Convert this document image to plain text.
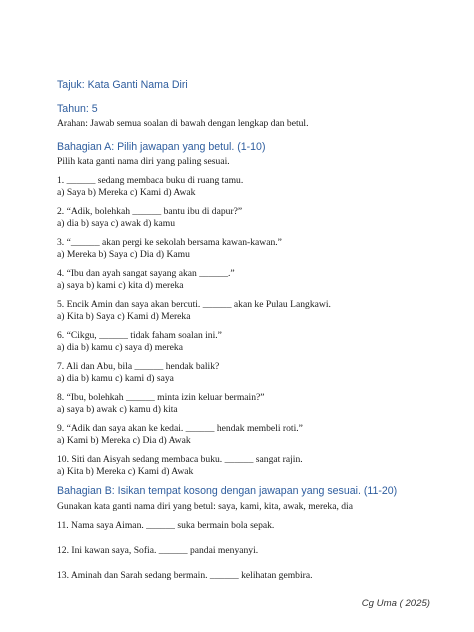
Tajuk: Kata Ganti Nama Diri
Tahun: 5
Arahan: Jawab semua soalan di bawah dengan lengkap dan betul.
Bahagian A: Pilih jawapan yang betul. (1-10)
Pilih kata ganti nama diri yang paling sesuai.
1. ______ sedang membaca buku di ruang tamu.
a) Saya b) Mereka c) Kami d) Awak
2. “Adik, bolehkah ______ bantu ibu di dapur?”
a) dia b) saya c) awak d) kamu
3. “______ akan pergi ke sekolah bersama kawan-kawan.”
a) Mereka b) Saya c) Dia d) Kamu
4. “Ibu dan ayah sangat sayang akan ______.”
a) saya b) kami c) kita d) mereka
5. Encik Amin dan saya akan bercuti. ______ akan ke Pulau Langkawi.
a) Kita b) Saya c) Kami d) Mereka
6. “Cikgu, ______ tidak faham soalan ini.”
a) dia b) kamu c) saya d) mereka
7. Ali dan Abu, bila ______ hendak balik?
a) dia b) kamu c) kami d) saya
8. “Ibu, bolehkah ______ minta izin keluar bermain?”
a) saya b) awak c) kamu d) kita
9. “Adik dan saya akan ke kedai. ______ hendak membeli roti.”
a) Kami b) Mereka c) Dia d) Awak
10. Siti dan Aisyah sedang membaca buku. ______ sangat rajin.
a) Kita b) Mereka c) Kami d) Awak
Bahagian B: Isikan tempat kosong dengan jawapan yang sesuai. (11-20)
Gunakan kata ganti nama diri yang betul: saya, kami, kita, awak, mereka, dia
11. Nama saya Aiman. ______ suka bermain bola sepak.
12. Ini kawan saya, Sofia. ______ pandai menyanyi.
13. Aminah dan Sarah sedang bermain. ______ kelihatan gembira.
Cg Uma ( 2025)
